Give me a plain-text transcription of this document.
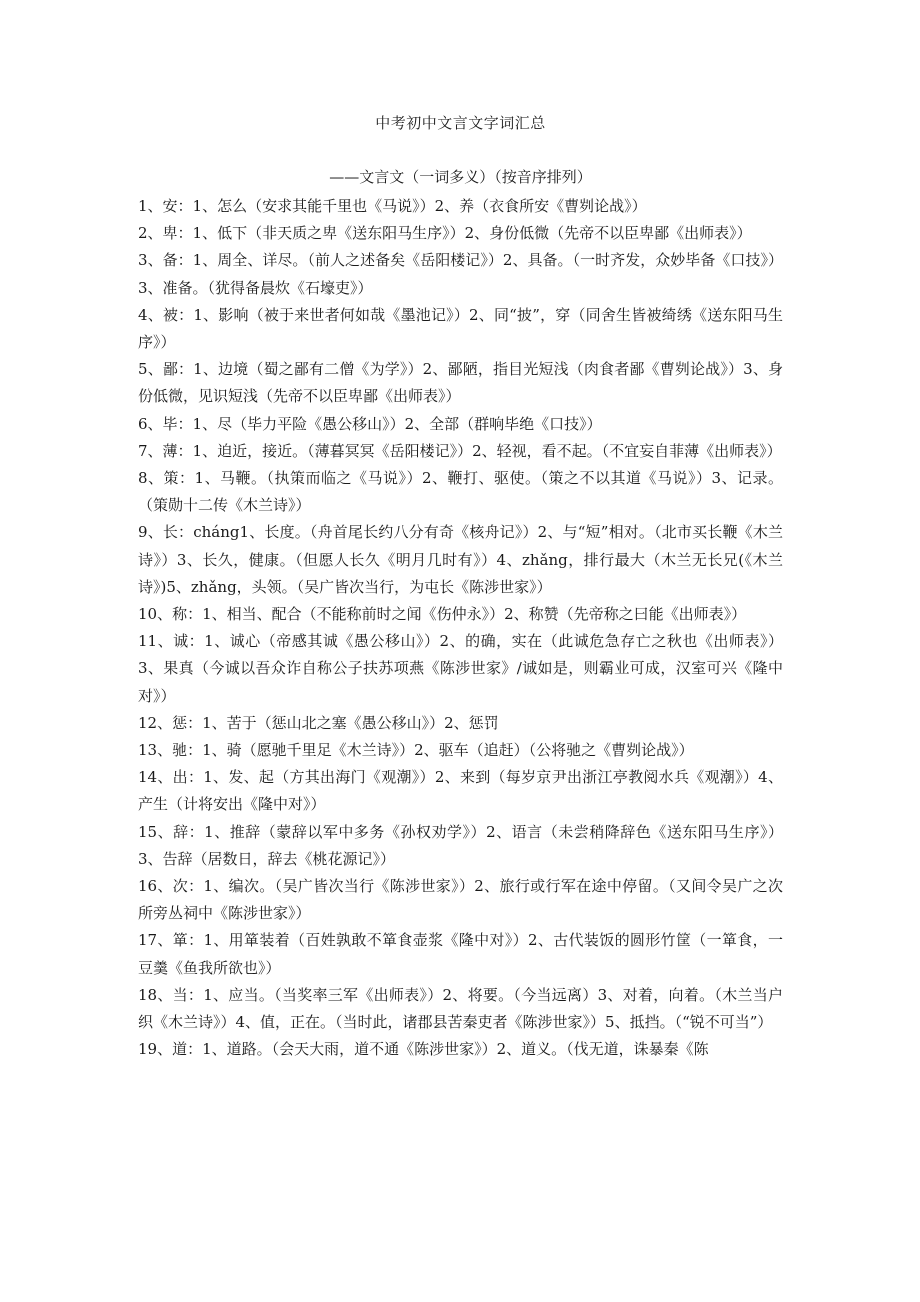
中考初中文言文字词汇总
——文言文（一词多义）（按音序排列）

1、安：1、怎么（安求其能千里也《马说》）2、养（衣食所安《曹刿论战》）

2、卑：1、低下（非天质之卑《送东阳马生序》）2、身份低微（先帝不以臣卑鄙《出师表》）

3、备：1、周全、详尽。（前人之述备矣《岳阳楼记》）2、具备。（一时齐发，众妙毕备《口技》）3、准备。（犹得备晨炊《石壕吏》）

4、被：1、影响（被于来世者何如哉《墨池记》）2、同“披”，穿（同舍生皆被绮绣《送东阳马生序》）

5、鄙：1、边境（蜀之鄙有二僧《为学》）2、鄙陋，指目光短浅（肉食者鄙《曹刿论战》）3、身份低微，见识短浅（先帝不以臣卑鄙《出师表》）

6、毕：1、尽（毕力平险《愚公移山》）2、全部（群响毕绝《口技》）

7、薄：1、迫近，接近。（薄暮冥冥《岳阳楼记》）2、轻视，看不起。（不宜妄自菲薄《出师表》）

8、策：1、马鞭。（执策而临之《马说》）2、鞭打、驱使。（策之不以其道《马说》）3、记录。（策勋十二传《木兰诗》）

9、长：cháng1、长度。（舟首尾长约八分有奇《核舟记》）2、与“短”相对。（北市买长鞭《木兰诗》）3、长久，健康。（但愿人长久《明月几时有》）4、zhǎng，排行最大（木兰无长兄(《木兰诗》)5、zhǎng，头领。（吴广皆次当行，为屯长《陈涉世家》）

10、称：1、相当、配合（不能称前时之闻《伤仲永》）2、称赞（先帝称之曰能《出师表》）

11、诚：1、诚心（帝感其诚《愚公移山》）2、的确，实在（此诚危急存亡之秋也《出师表》）3、果真（今诚以吾众诈自称公子扶苏项燕《陈涉世家》/诚如是，则霸业可成，汉室可兴《隆中对》）

12、惩：1、苦于（惩山北之塞《愚公移山》）2、惩罚

13、驰：1、骑（愿驰千里足《木兰诗》）2、驱车（追赶）（公将驰之《曹刿论战》）

14、出：1、发、起（方其出海门《观潮》）2、来到（每岁京尹出浙江亭教阅水兵《观潮》）4、产生（计将安出《隆中对》）

15、辞：1、推辞（蒙辞以军中多务《孙权劝学》）2、语言（未尝稍降辞色《送东阳马生序》）3、告辞（居数日，辞去《桃花源记》）

16、次：1、编次。（吴广皆次当行《陈涉世家》）2、旅行或行军在途中停留。（又间令吴广之次所旁丛祠中《陈涉世家》）

17、箪：1、用箪装着（百姓孰敢不箪食壶浆《隆中对》）2、古代装饭的圆形竹筐（一箪食，一豆羹《鱼我所欲也》）

18、当：1、应当。（当奖率三军《出师表》）2、将要。（今当远离）3、对着，向着。（木兰当户织《木兰诗》）4、值，正在。（当时此，诸郡县苦秦吏者《陈涉世家》）5、抵挡。（“锐不可当”）

19、道：1、道路。（会天大雨，道不通《陈涉世家》）2、道义。（伐无道，诛暴秦《陈
